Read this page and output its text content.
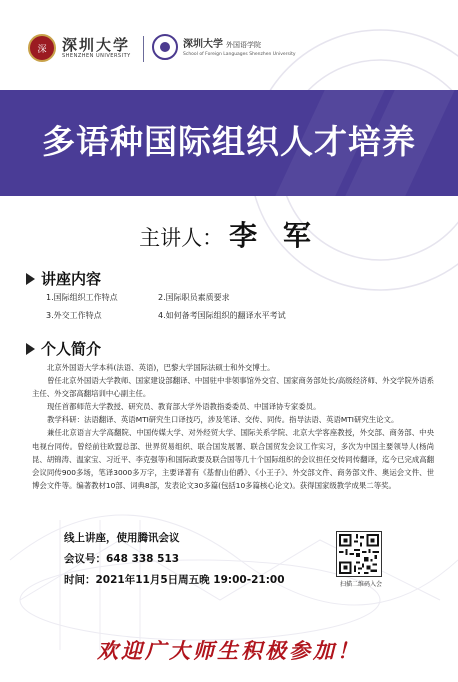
深	深圳大学
SHENZHEN UNIVERSITY
深圳大学 外国语学院
School of Foreign Languages Shenzhen University
多语种国际组织人才培养
主讲人： 李 军
讲座内容
1.国际组织工作特点	2.国际职员素质要求
3.外交工作特点	4.如何备考国际组织的翻译水平考试
个人简介

北京外国语大学本科(法语、英语)，巴黎大学国际法硕士和外交博士。

曾任北京外国语大学教师、国家建设部翻译、中国驻中非领事馆外交官、国家商务部处长/高级经济师、外交学院外语系主任、外交部高翻培训中心副主任。

现任首都师范大学教授、研究员、教育部大学外语教指委委员、中国译协专家委员。

教学科研：法语翻译、英语MTI研究生口译技巧，涉及笔译、交传、同传。指导法语、英语MTI研究生论文。

兼任北京语言大学高翻院、中国传媒大学、对外经贸大学、国际关系学院、北京大学客座教授，外交部、商务部、中央电视台同传。曾经前往欧盟总部、世界贸易组织、联合国发展署、联合国贸发会议工作实习，多次为中国主要领导人(杨尚昆、胡锦涛、温家宝、习近平、李克强等)和国际政要及联合国等几十个国际组织的会议担任交传同传翻译，迄今已完成高翻会议同传900多场，笔译3000多万字，主要译著有《基督山伯爵》、《小王子》、外交部文件、商务部文件、奥运会文件、世博会文件等。编著教材10部、词典8部，发表论文30多篇(包括10多篇核心论文)。获得国家级教学成果二等奖。

线上讲座，使用腾讯会议
会议号：648 338 513
时间：2021年11月5日周五晚 19:00-21:00	扫描二维码入会
欢迎广大师生积极参加！
